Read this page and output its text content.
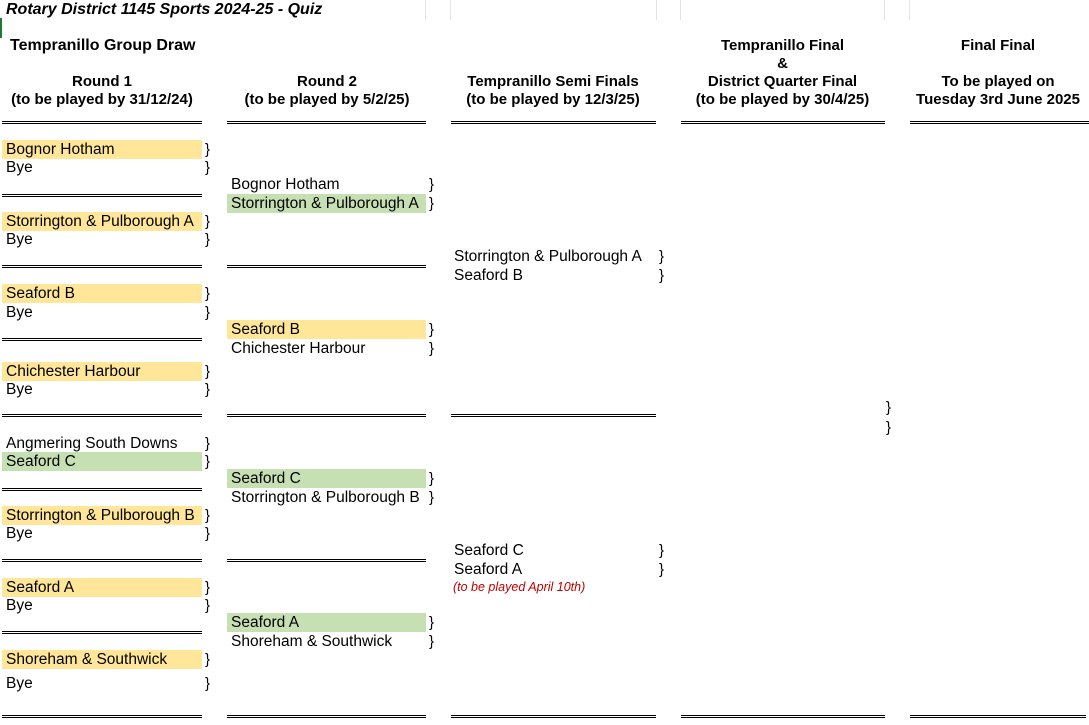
Rotary District 1145 Sports 2024-25 - Quiz
Tempranillo Group Draw
Round 1
(to be played by 31/12/24)
Round 2
(to be played by 5/2/25)
Tempranillo Semi Finals
(to be played by 12/3/25)
Tempranillo Final
&
District Quarter Final
(to be played by 30/4/25)
Final Final
To be played on
Tuesday 3rd June 2025
Bognor Hotham	}
Bye	}
Storrington & Pulborough A }
Bye	}
Seaford B	}
Bye	}
Chichester Harbour	}
Bye	}
Angmering South Downs	}
Seaford C	}
Storrington & Pulborough B }
Bye	}
Seaford A	}
Bye	}
Shoreham & Southwick	}
Bye	}
Bognor Hotham	}
Storrington & Pulborough A }
Seaford B	}
Chichester Harbour	}
Seaford C	}
Storrington & Pulborough B }
Seaford A	}
Shoreham & Southwick	}
Storrington & Pulborough A	}
Seaford B	}
Seaford C	}
Seaford A	}
(to be played April 10th)
}
}
